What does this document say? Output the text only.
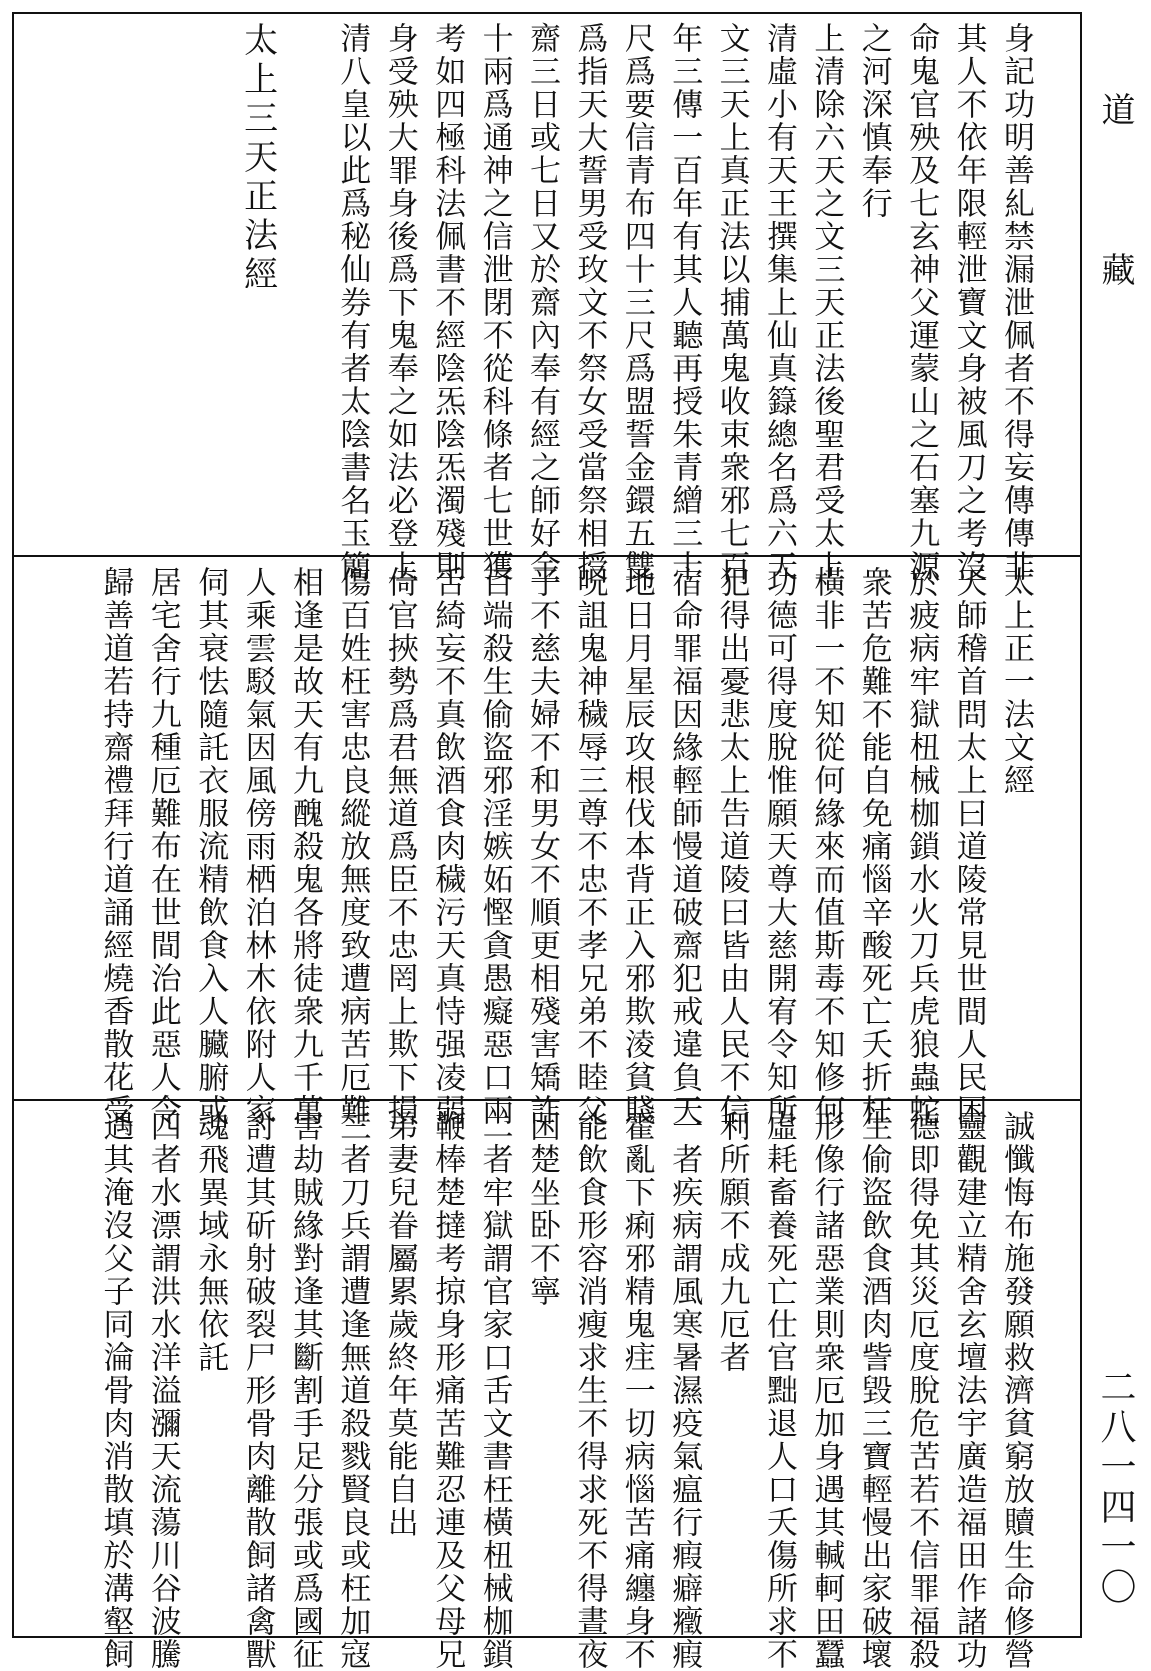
身記功明善糺禁漏泄佩者不得妄傳傳非
其人不依年限輕泄寶文身被風刀之考沒
命鬼官殃及七玄神父運蒙山之石塞九源
之河深慎奉行
上清除六天之文三天正法後聖君受太上
清虛小有天王撰集上仙真籙總名爲六天
文三天上真正法以捕萬鬼收束衆邪七百
年三傳一百年有其人聽再授朱青繒三十
尺爲要信青布四十三尺爲盟誓金鐶五雙
爲指天大誓男受玫文不祭女受當祭相授
齋三日或七日又於齋內奉有經之師好金
十兩爲通神之信泄閉不從科條者七世獲
考如四極科法佩書不經陰炁陰炁濁殘則
身受殃大罪身後爲下鬼奉之如法必登上
清八皇以此爲秘仙券有者太陰書名玉簡
太上三天正法經
太上正一法文經
天師稽首問太上曰道陵常見世間人民困
於疲病牢獄杻械枷鎖水火刀兵虎狼蟲蛇
衆苦危難不能自免痛惱辛酸死亡夭折枉
橫非一不知從何緣來而值斯毒不知修何
功德可得度脫惟願天尊大慈開宥令知所
犯得出憂悲太上告道陵曰皆由人民不信
宿命罪福因緣輕師慢道破齋犯戒違負天
地日月星辰攻根伐本背正入邪欺淩貧賤
呪詛鬼神穢辱三尊不忠不孝兄弟不睦父
子不慈夫婦不和男女不順更相殘害矯詐
百端殺生偷盜邪淫嫉妬慳貪愚癡惡口兩
舌綺妄不真飲酒食肉穢污天真恃强凌弱
倚官挾勢爲君無道爲臣不忠罔上欺下損
傷百姓枉害忠良縱放無度致遭病苦厄難
相逢是故天有九醜殺鬼各將徒衆九千萬
人乘雲駁氣因風傍雨栖泊林木依附人家
伺其衰怯隨託衣服流精飲食入人臟腑或
居宅舍行九種厄難布在世間治此惡人令
歸善道若持齋禮拜行道誦經燒香散花受
誠懺悔布施發願救濟貧窮放贖生命修營
靈觀建立精舍玄壇法宇廣造福田作諸功
德即得免其災厄度脫危苦若不信罪福殺
生偷盜飲食酒肉訾毀三寶輕慢出家破壞
形像行諸惡業則衆厄加身遇其輱軻田蠶
虛耗畜養死亡仕官黜退人口夭傷所求不
利所願不成九厄者
一者疾病謂風寒暑濕疫氣瘟行瘕癖癥瘕
霍亂下痢邪精鬼疰一切病惱苦痛纏身不
能飲食形容消瘦求生不得求死不得晝夜
困楚坐卧不寧
二者牢獄謂官家口舌文書枉橫杻械枷鎖
鞭棒楚撻考掠身形痛苦難忍連及父母兄
弟妻兒眷屬累歲終年莫能自出
三者刀兵謂遭逢無道殺戮賢良或枉加寇
害劫賊緣對逢其斷割手足分張或爲國征
討遭其斫射破裂尸形骨肉離散飼諸禽獸
魂飛異域永無依託
四者水漂謂洪水洋溢瀰天流蕩川谷波騰
遇其淹沒父子同淪骨肉消散填於溝壑飼
道
藏
二八一四一〇
